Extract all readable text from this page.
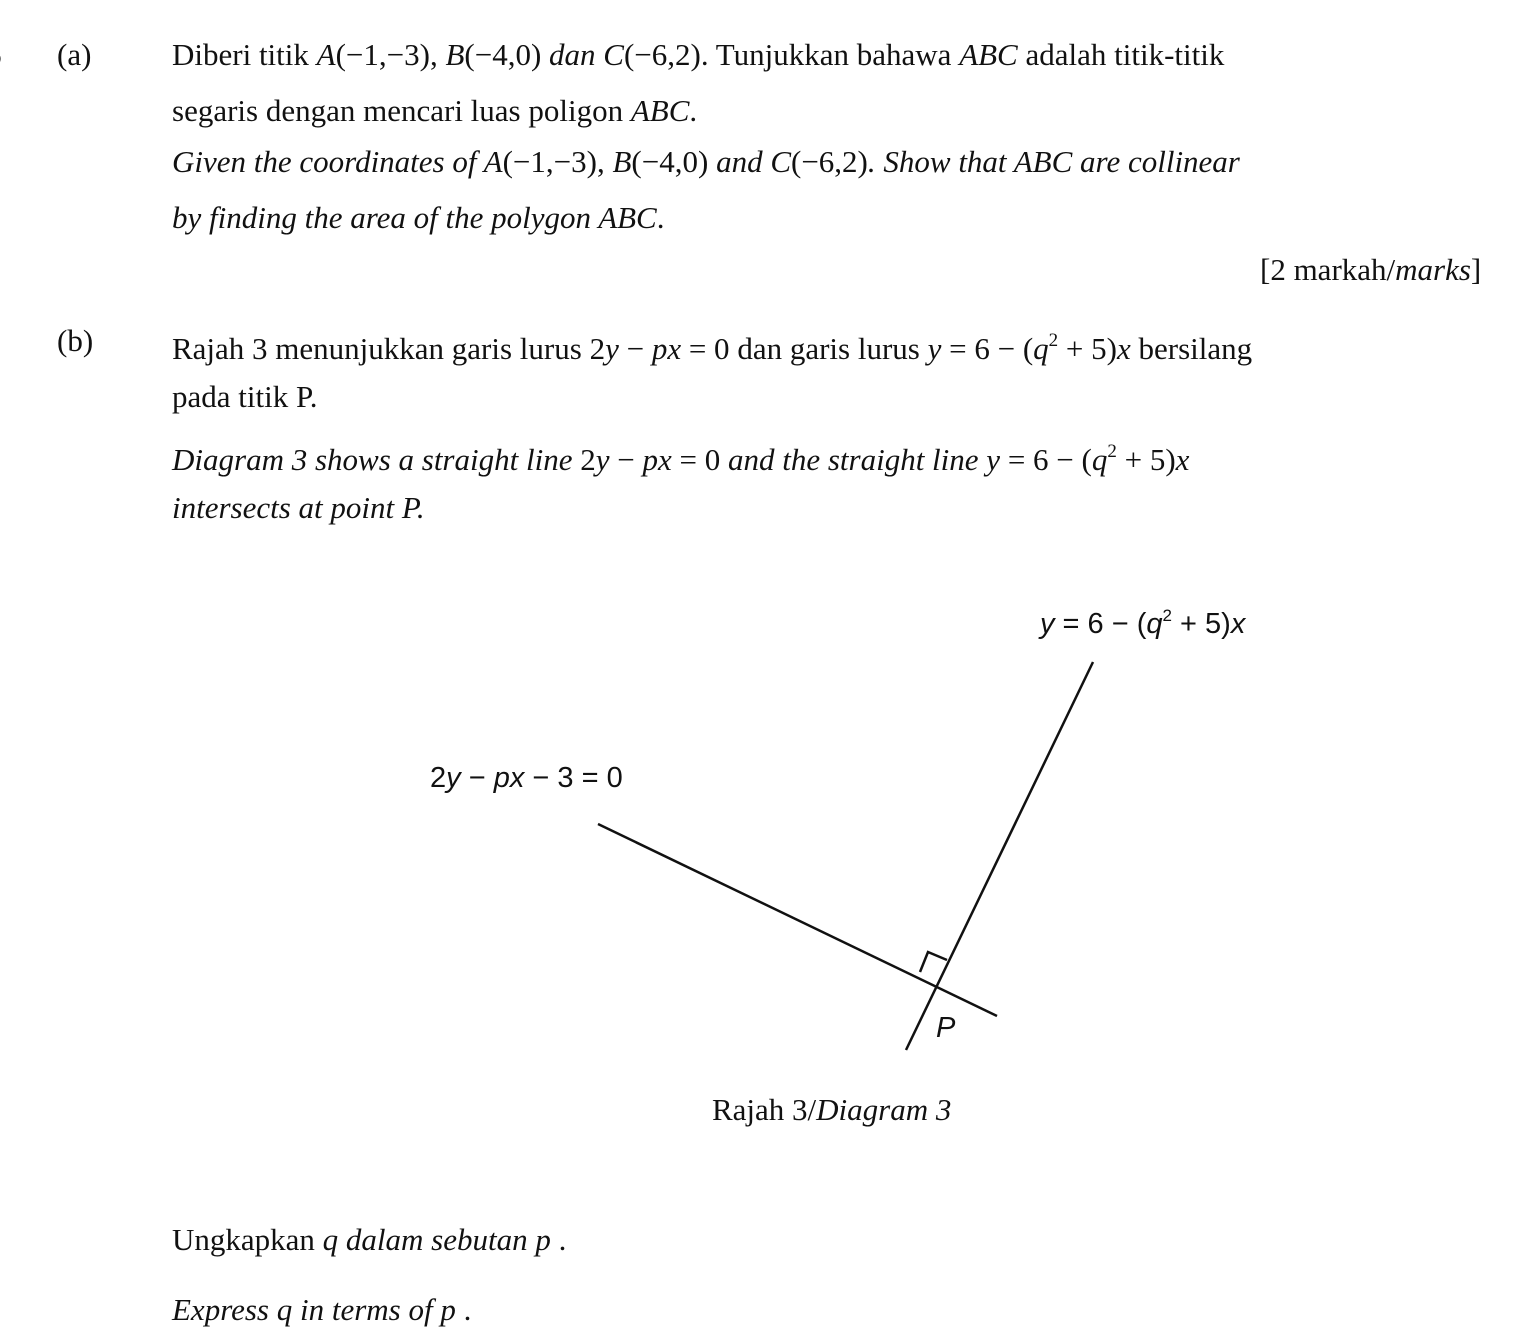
(a)	Diberi titik A(−1,−3), B(−4,0) dan C(−6,2). Tunjukkan bahawa ABC adalah titik-titik
segaris dengan mencari luas poligon ABC.
Given the coordinates of A(−1,−3), B(−4,0) and C(−6,2). Show that ABC are collinear
by finding the area of the polygon ABC.
[2 markah/marks]
(b)	Rajah 3 menunjukkan garis lurus 2y − px = 0 dan garis lurus $y = 6 - (q^2 + 5)x$ bersilang
pada titik P.
Diagram 3 shows a straight line 2y − px = 0 and the straight line $y = 6 - (q^2 + 5)x$
intersects at point P.
$y = 6 - (q^2 + 5)x$
2y − px − 3 = 0
P
Rajah 3/Diagram 3
Ungkapkan q dalam sebutan p .
Express q in terms of p .
